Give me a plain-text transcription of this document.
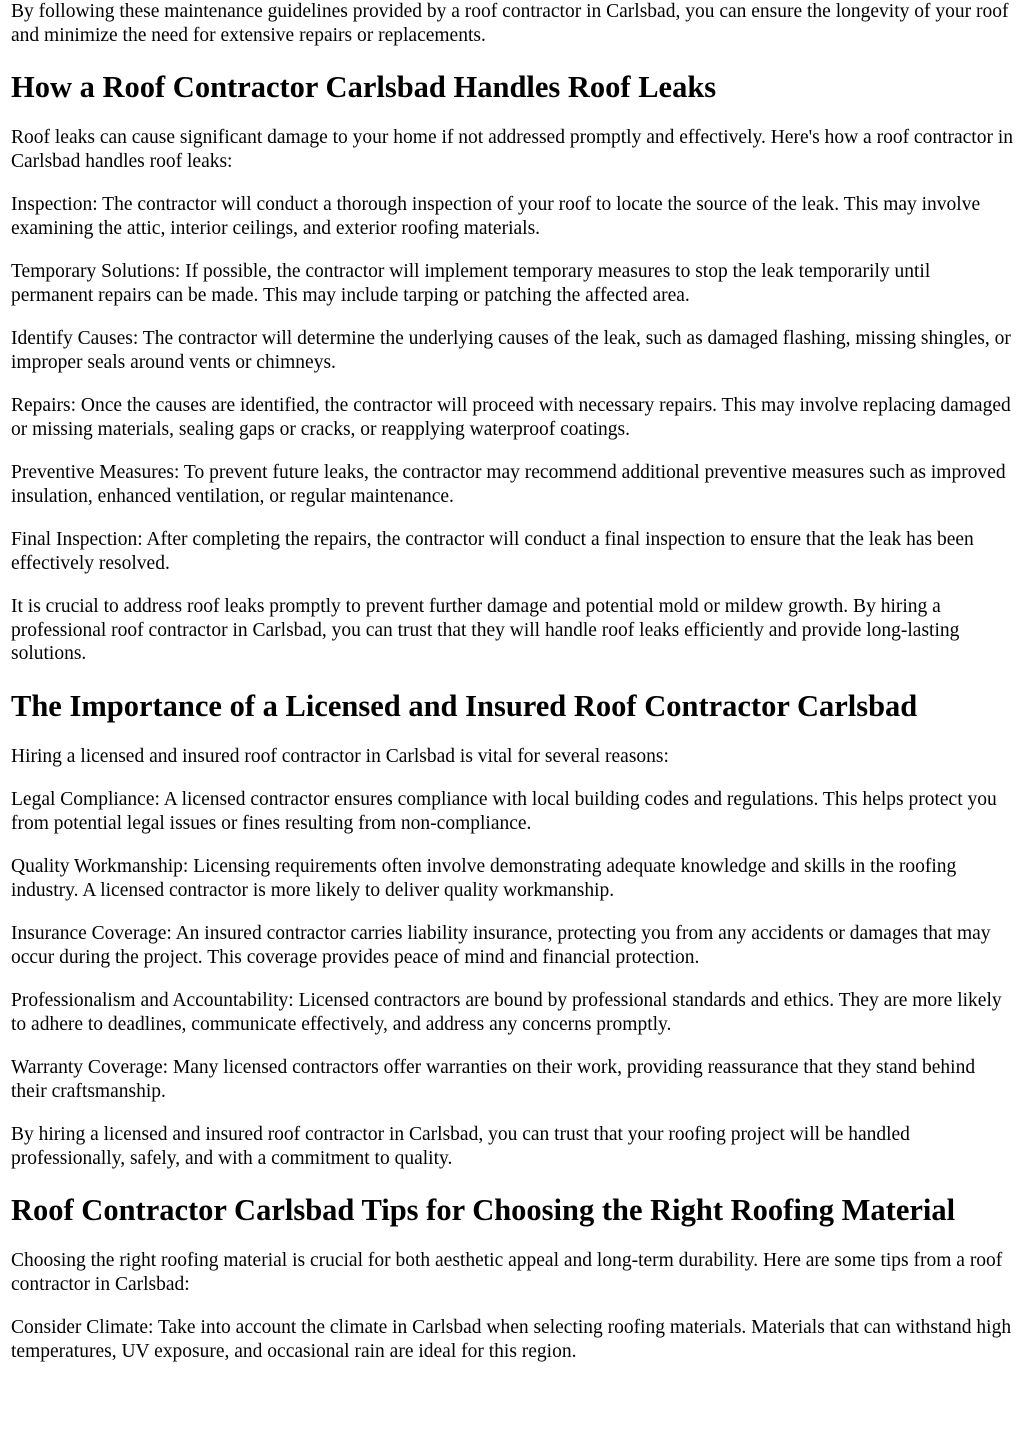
By following these maintenance guidelines provided by a roof contractor in Carlsbad, you can ensure the longevity of your roof and minimize the need for extensive repairs or replacements.

How a Roof Contractor Carlsbad Handles Roof Leaks

Roof leaks can cause significant damage to your home if not addressed promptly and effectively. Here's how a roof contractor in Carlsbad handles roof leaks:

Inspection: The contractor will conduct a thorough inspection of your roof to locate the source of the leak. This may involve examining the attic, interior ceilings, and exterior roofing materials.

Temporary Solutions: If possible, the contractor will implement temporary measures to stop the leak temporarily until permanent repairs can be made. This may include tarping or patching the affected area.

Identify Causes: The contractor will determine the underlying causes of the leak, such as damaged flashing, missing shingles, or improper seals around vents or chimneys.

Repairs: Once the causes are identified, the contractor will proceed with necessary repairs. This may involve replacing damaged or missing materials, sealing gaps or cracks, or reapplying waterproof coatings.

Preventive Measures: To prevent future leaks, the contractor may recommend additional preventive measures such as improved insulation, enhanced ventilation, or regular maintenance.

Final Inspection: After completing the repairs, the contractor will conduct a final inspection to ensure that the leak has been effectively resolved.

It is crucial to address roof leaks promptly to prevent further damage and potential mold or mildew growth. By hiring a professional roof contractor in Carlsbad, you can trust that they will handle roof leaks efficiently and provide long-lasting solutions.

The Importance of a Licensed and Insured Roof Contractor Carlsbad

Hiring a licensed and insured roof contractor in Carlsbad is vital for several reasons:

Legal Compliance: A licensed contractor ensures compliance with local building codes and regulations. This helps protect you from potential legal issues or fines resulting from non-compliance.

Quality Workmanship: Licensing requirements often involve demonstrating adequate knowledge and skills in the roofing industry. A licensed contractor is more likely to deliver quality workmanship.

Insurance Coverage: An insured contractor carries liability insurance, protecting you from any accidents or damages that may occur during the project. This coverage provides peace of mind and financial protection.

Professionalism and Accountability: Licensed contractors are bound by professional standards and ethics. They are more likely to adhere to deadlines, communicate effectively, and address any concerns promptly.

Warranty Coverage: Many licensed contractors offer warranties on their work, providing reassurance that they stand behind their craftsmanship.

By hiring a licensed and insured roof contractor in Carlsbad, you can trust that your roofing project will be handled professionally, safely, and with a commitment to quality.

Roof Contractor Carlsbad Tips for Choosing the Right Roofing Material

Choosing the right roofing material is crucial for both aesthetic appeal and long-term durability. Here are some tips from a roof contractor in Carlsbad:

Consider Climate: Take into account the climate in Carlsbad when selecting roofing materials. Materials that can withstand high temperatures, UV exposure, and occasional rain are ideal for this region.
